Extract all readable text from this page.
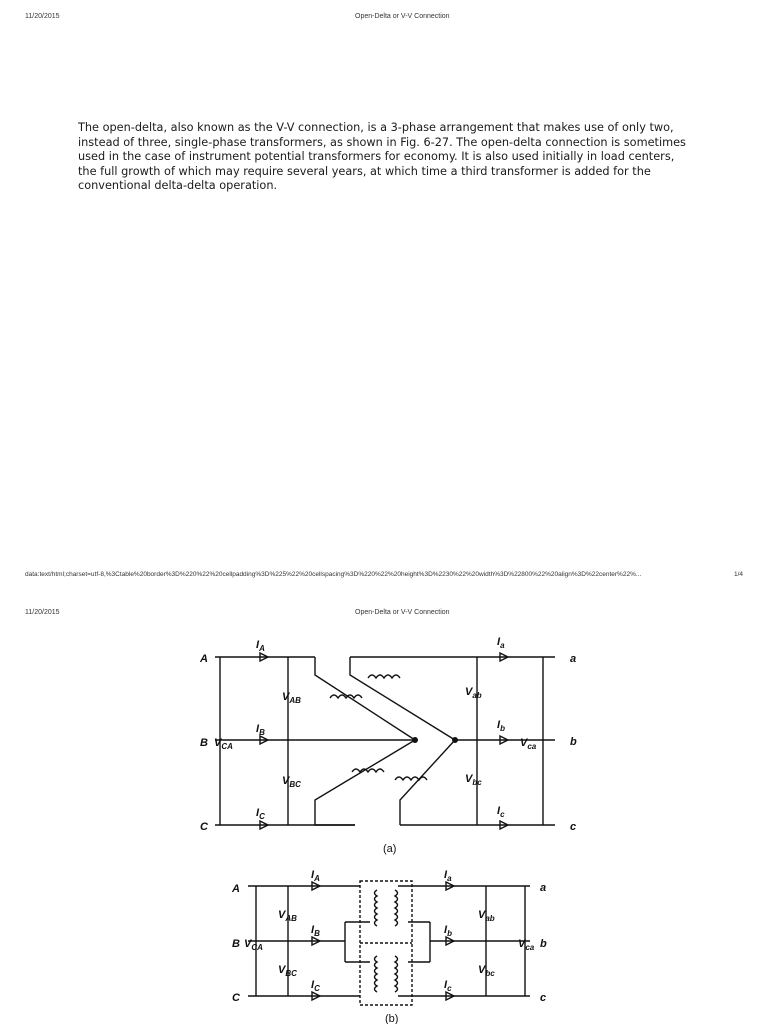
11/20/2015	Open-Delta or V-V Connection

The open-delta, also known as the V-V connection, is a 3-phase arrangement that makes use of only two, instead of three, single-phase transformers, as shown in Fig. 6-27. The open-delta connection is sometimes used in the case of instrument potential transformers for economy. It is also used initially in load centers, the full growth of which may require several years, at which time a third transformer is added for the conventional delta-delta operation.

data:text/html;charset=utf-8,%3Ctable%20border%3D%220%22%20cellpadding%3D%225%22%20cellspacing%3D%220%22%20height%3D%2230%22%20width%3D%22800%22%20align%3D%22center%22%...	1/4
11/20/2015	Open-Delta or V-V Connection
A
B
C
a
b
c
$I_A$
$I_B$
$I_C$
$I_a$
$I_b$
$I_c$
$V_{AB}$
$V_{BC}$
$V_{CA}$
$V_{ab}$
$V_{bc}$
$V_{ca}$
(a)
A
B
C
a
b
c
$I_A$
$I_B$
$I_C$
$I_a$
$I_b$
$I_c$
$V_{AB}$
$V_{BC}$
$V_{CA}$
$V_{ab}$
$V_{bc}$
$V_{ca}$
(b)
